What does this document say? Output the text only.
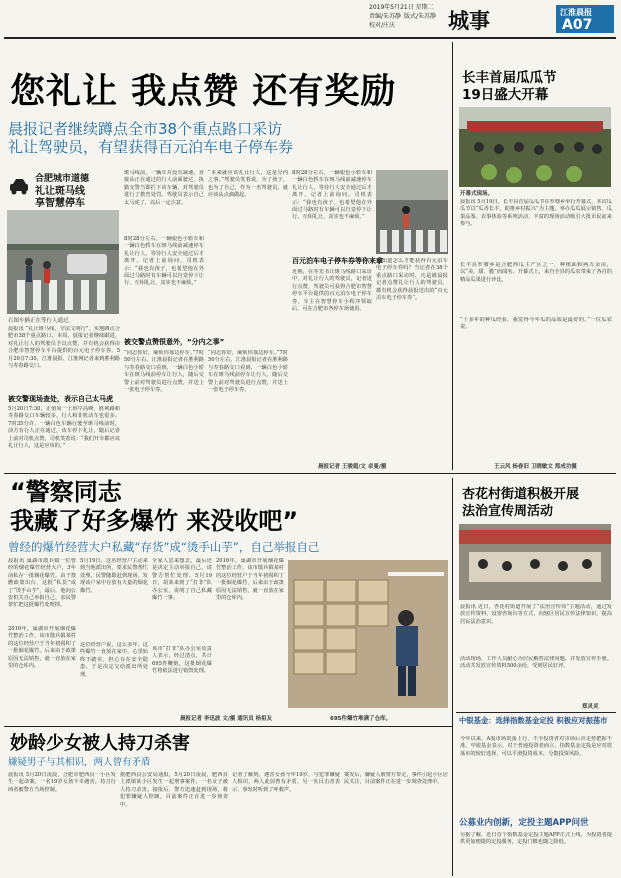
2019年5月21日 星期二
责编/朱苏静 版式/朱苏静
校对/庄庆	城事	江淮晨报
A07
您礼让 我点赞 还有奖励
晨报记者继续蹲点全市38个重点路口采访
礼让驾驶员，有望获得百元泊车电子停车券
合肥城市道德
礼让斑马线
享智慧停车
右图车辆正在等行人通过。
晨报讯 “礼让斑马线，守法文明行”。实地蹲点合肥市38个重点路口，本周，晨报记者继续跟进，对礼让行人的驾驶员予以点赞，并有机会获得由合肥市智慧停车平台提供的百元电子停车券。5月20日7:30，江淮晨报、江淮网记者来到胜利路与寿春路交口。
被交警现场查处，表示自己太马虎
5月20日7:30，正值周一上班早高峰，胜利路和寿春路交口车辆较多。行人和非机动车也很多。7时35分许，一辆白色车辆行驶至斑马线前时，前方有行人正在通过，该车停下礼让，随后记者上前对司机点赞，司机笑着说：“我们开车都应该礼让行人，这是应该的。”
斑马线前，一辆车并没有减速，直接从正在通过的行人前面驶过，执勤交警当即拦下该车辆，对驾驶员进行了教育处罚。驾驶员表示自己太马虎了，以后一定注意。
8时28分左右，一辆银色小轿车和一辆白色轿车在斑马线前减速停车礼让行人，等待行人安全通过后才离开。记者上前询问，司机表示：“我也有孩子，也希望他在外面过马路时有车辆可以自觉停下让行，互相礼让，其实也不麻烦。”
被交警点赞很意外，“分内之事”
“同志你好，麻烦你靠边停车。”7时50分左右，江淮晨报记者在胜利路与寿春路交口看到，一辆白色小轿车在斑马线前停车让行人，随后交警上前对驾驶员进行点赞，并送上一张电子停车券。
“本来就应该礼让行人，这是分内之事。”驾驶员笑着说，为了孩子，也为了自己，作为一名驾驶员，就应该从点滴做起。
“同志你好，麻烦你靠边停车。”7时50分左右，江淮晨报记者在胜利路与寿春路交口看到，一辆白色小轿车在斑马线前停车让行人，随后交警上前对驾驶员进行点赞，并送上一张电子停车券。
8时28分左右，一辆银色小轿车和一辆白色轿车在斑马线前减速停车礼让行人，等待行人安全通过后才离开。记者上前询问，司机表示：“我也有孩子，也希望他在外面过马路时有车辆可以自觉停下让行，互相礼让，其实也不麻烦。”
百元泊车电子停车券等你来拿
近期，在寿光书让斑马线路口采访中，对礼让行人的驾驶员，记者进行点赞，驾驶员可获得合肥市智慧停车平台提供的百元泊车电子停车券，车主在智慧停车小程序领取后，可在合肥市各停车场使用。
想知道怎么才能获得百元泊车电子停车券吗？当记者在38个重点路口采访时，凡是被晨报记者点赞礼让行人的驾驶员，都有机会获得晨报送出的“百元泊车电子停车券”。
晨报记者 王骏超/文 卓曼/摄
长丰首届瓜瓜节
19日盛大开幕
开幕式现场。
晨报讯 5月19日，长丰县首届瓜瓜节在罗塘乡举行开幕式。本次瓜瓜节以“瓜香长丰，助推乡村振兴”为主题，举办瓜瓜展示销售、瓜果品鉴、农事体验等系列活动，丰富的现场活动吸引大批市民前来参与。
长丰县罗塘乡是合肥西瓜主产区之一，种植面积两万余亩，以“美、甜、脆”而闻名。开幕式上，来自全县的瓜农带来了各自的精品瓜果进行评比。
“十多年的种瓜经验，我觉得今年瓜的品质是最好的。”一位瓜农说。
王云风 杨春旧 卫晓敏文 郑成功摄
“警察同志
我藏了好多爆竹 来没收吧”
曾经的爆竹经营大户私藏“存货”成“烫手山芋”，自己举报自己
晨报讯 巢湖市散兵镇一位曾经的烟花爆竹经营大户，3年前私存一批烟花爆竹，由于禁燃政策出台，这批“私货”成了“烫手山芋”。最后，他向公安机关自己举报自己，求民警帮忙把这批爆竹处理掉。
2016年，巢湖市开展烟花爆竹整治工作，该市散兵镇某村的这位经营户于当年初囤积了一批烟花爆竹，后来由于政策原因无法销售，就一直放在家里的仓库内。
5月19日，这名经营户主动来到当地派出所，要求民警帮忙处理。民警随即赶到现场，发现该户家中存放有大量的烟花爆竹。
这位经营户说，这么多年，这些爆竹一直放在家中，心里始终不踏实，担心存在安全隐患，于是决定交给派出所处理。
全家人思来想去，最后还是决定主动举报自己，请警方帮忙处理。5月19日，胡某来到了“打非”队办公室，说明了自己私藏爆竹一事。
该市“打非”队办公室负责人表示，经过清点，共计695件鞭炮，这批烟花爆竹将依法进行销毁处理。
2016年，巢湖市开展烟花爆竹整治工作，该市散兵镇某村的这位经营户于当年初囤积了一批烟花爆竹，后来由于政策原因无法销售，就一直放在家里的仓库内。
晨报记者 李迅波 文/摄 通讯员 杨祖友	695件爆竹堆满了仓库。
妙龄少女被人持刀杀害
嫌疑男子与其相识，两人曾有矛盾
晨报讯 5月20日凌晨，合肥市肥西县一小区发生一起命案，一名19岁女孩不幸遇害。持刀行凶者被警方当场控制。
据肥西县公安局通报，5月20日凌晨，肥西县上派镇某小区发生一起刑事案件，一名女子被人持刀杀害。接报后，警方迅速赶到现场，将犯罪嫌疑人控制，目前案件正在进一步侦查中。
记者了解到，遇害女孩今年19岁，与犯罪嫌疑人相识，两人此前曾有矛盾。另一名目击者表示，事发时听到了呼救声。
案发后，嫌疑人被警方带走，事件引起小区居民关注，目前案件正在进一步调查处理中。
杏花村街道积极开展
法治宣传周活动
晨报讯 近日，杏花村街道开展了“法治宣传周”主题活动，通过发放宣传资料、设置咨询台等方式，向辖区居民宣传法律知识，提高居民法治意识。
活动现场，工作人员耐心为居民解答法律问题，并发放宣传手册。活动共发放宣传资料500余份，受到居民好评。
郑灵灵
中银基金：选择指数基金定投 积极应对振荡市
今年以来，A股市场震荡上行，不少投资者对市场后市走势把握不准。中银基金表示，对于普通投资者而言，指数基金定投是应对震荡市的较好选择，可以平滑投资成本，分散投资风险。
公募业内创新，定投主题APP问世
另据了解，近日首个指数基金定投主题APP正式上线，为投资者提供更加便捷的定投服务，定投门槛也随之降低。
